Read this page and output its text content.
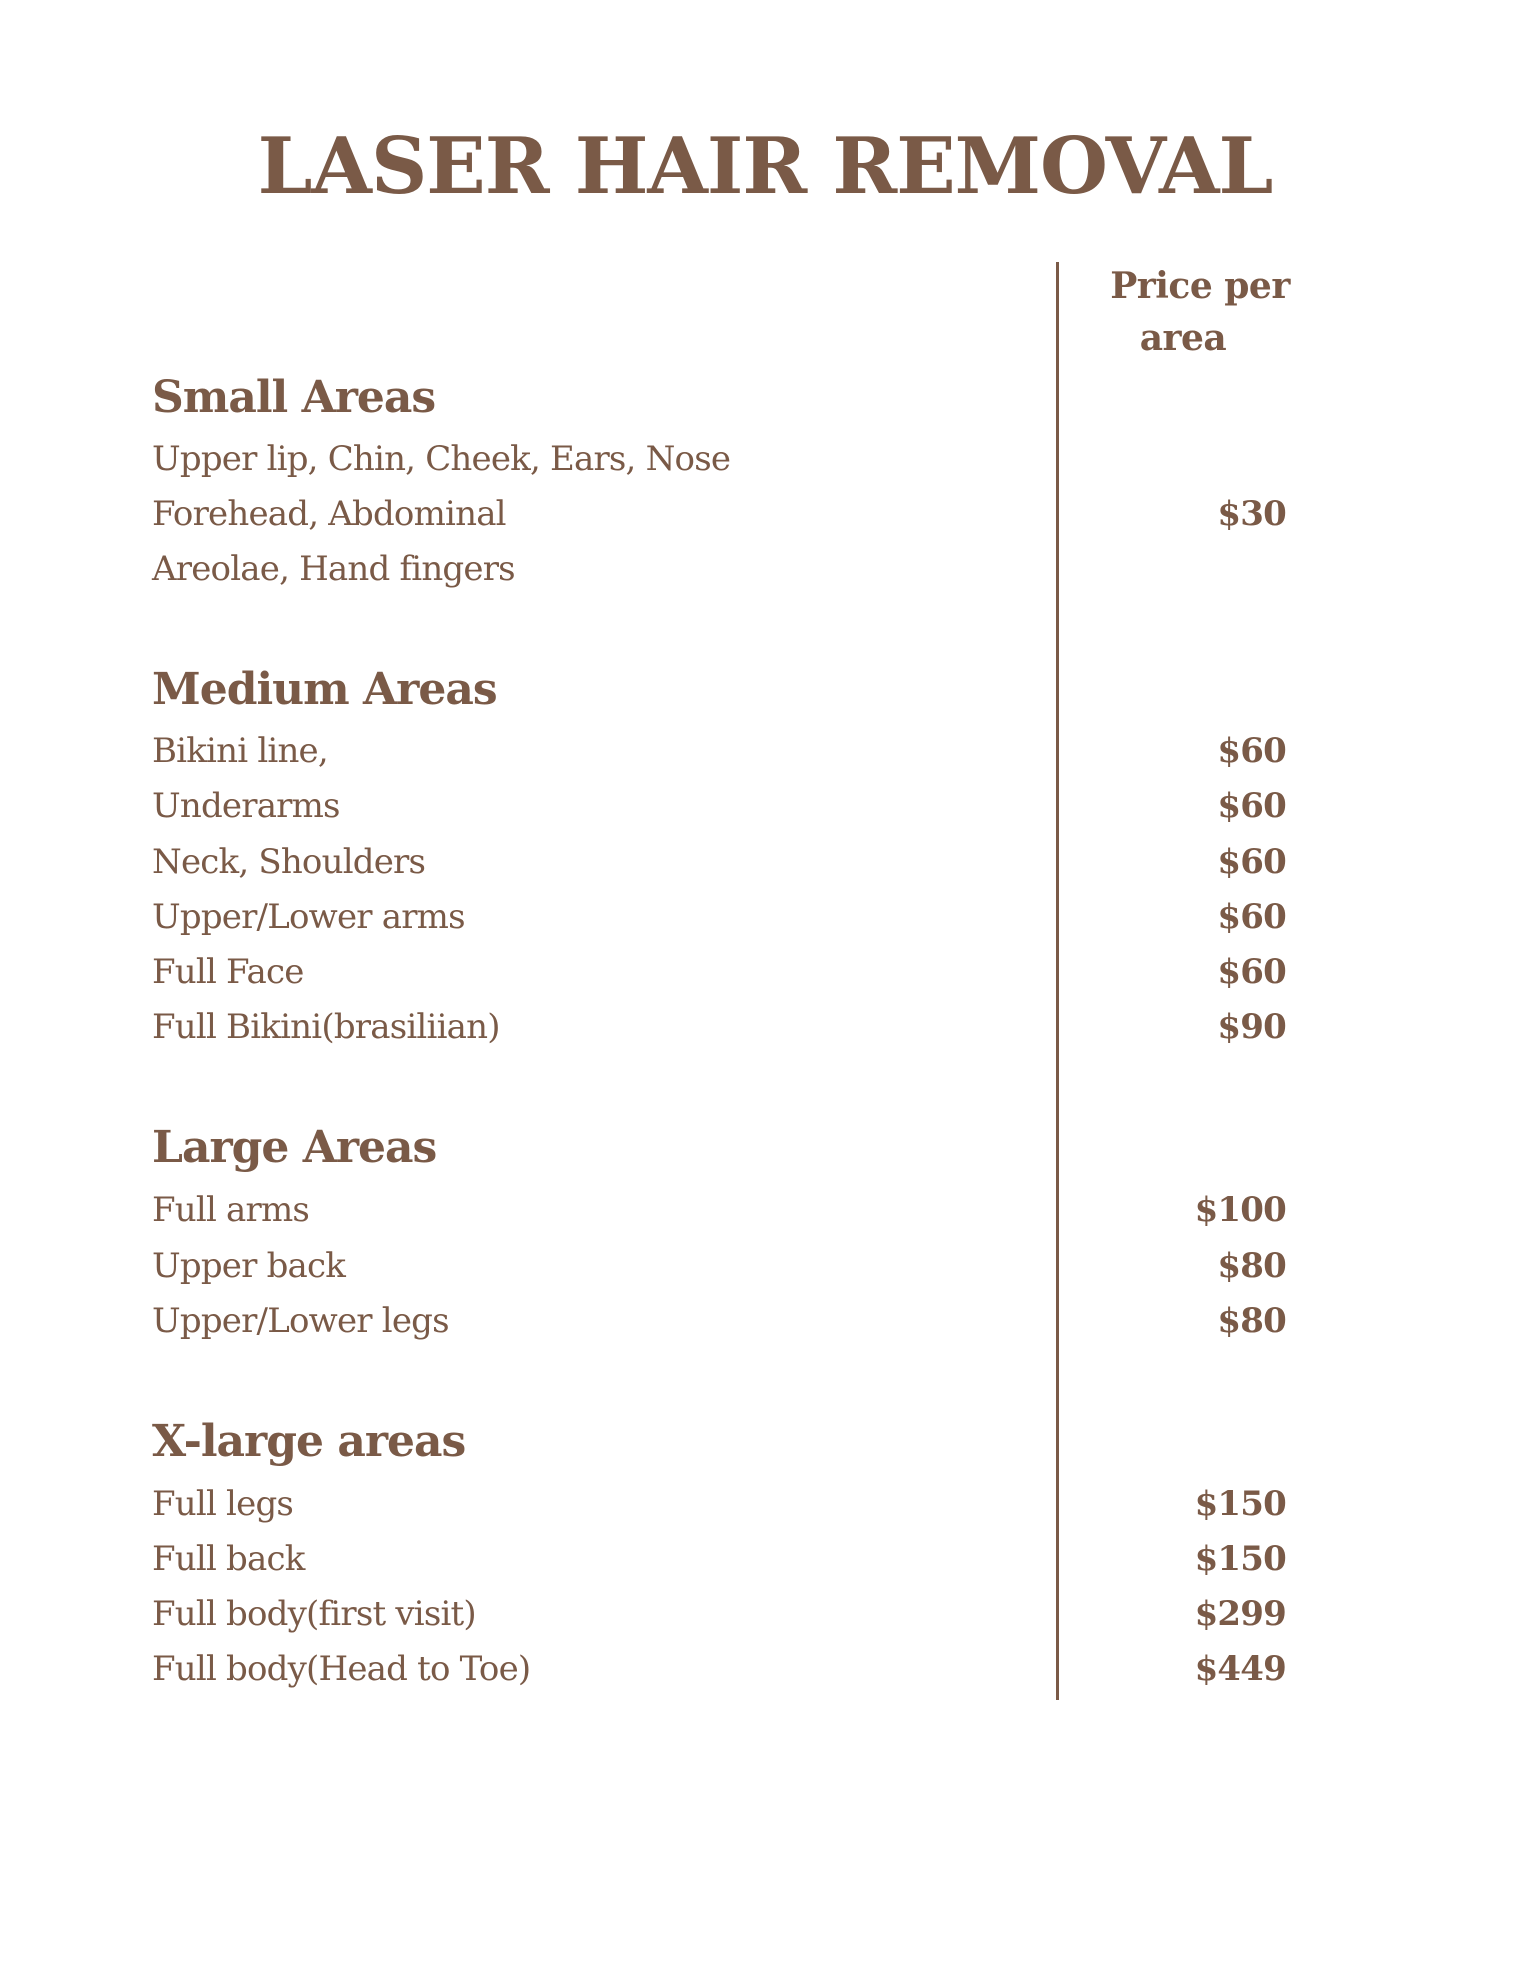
LASER HAIR REMOVAL
Price per
area
Small Areas
Upper lip, Chin, Cheek, Ears, Nose
Forehead, Abdominal	$30
Areolae, Hand fingers
Medium Areas
Bikini line,	$60
Underarms	$60
Neck, Shoulders	$60
Upper/Lower arms	$60
Full Face	$60
Full Bikini(brasiliian)	$90
Large Areas
Full arms	$100
Upper back	$80
Upper/Lower legs	$80
X-large areas
Full legs	$150
Full back	$150
Full body(first visit)	$299
Full body(Head to Toe)	$449
